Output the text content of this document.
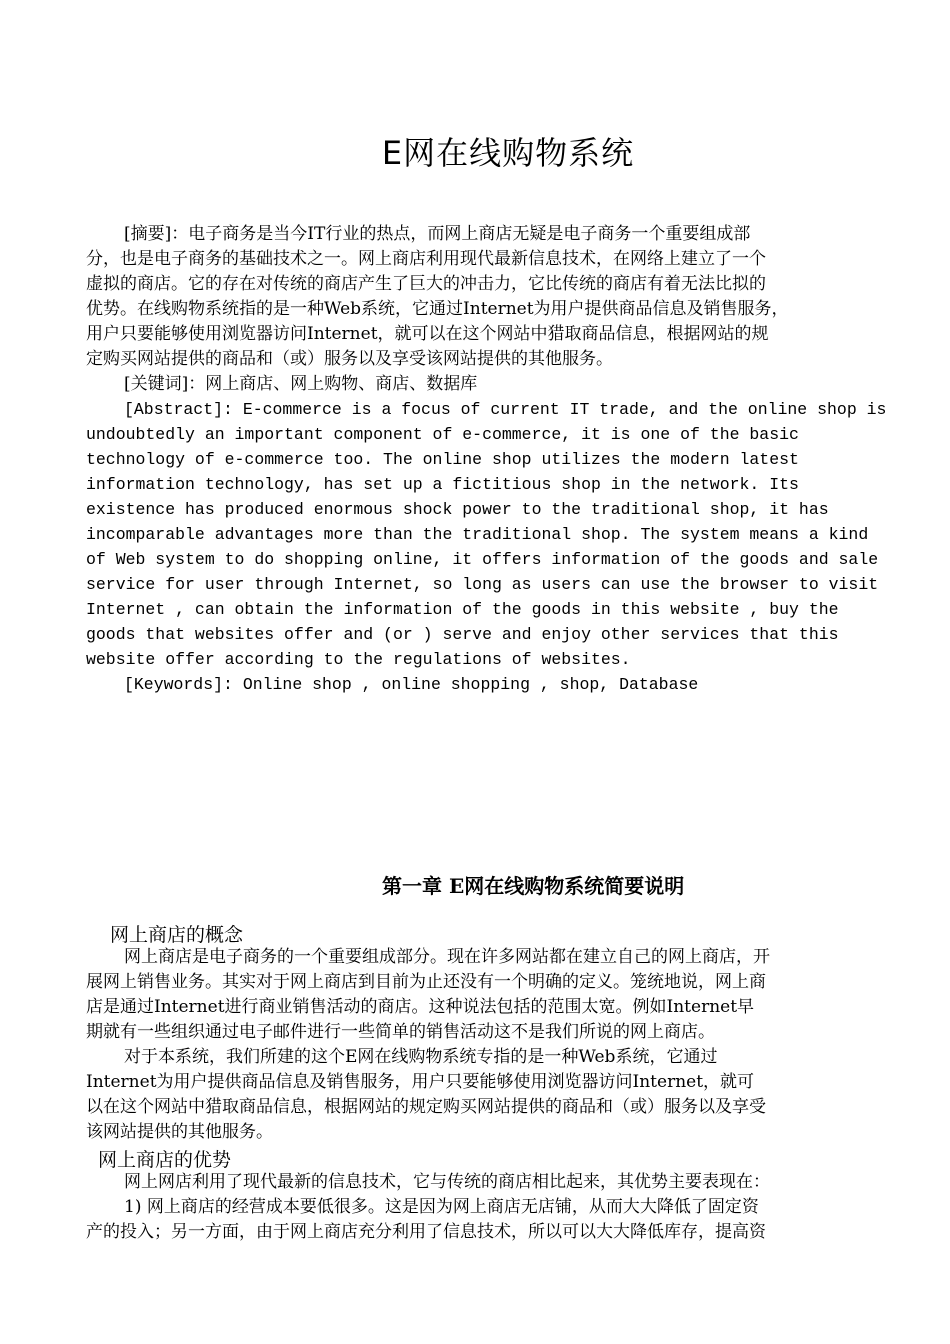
E网在线购物系统
[摘要]：电子商务是当今IT行业的热点，而网上商店无疑是电子商务一个重要组成部
分，也是电子商务的基础技术之一。网上商店利用现代最新信息技术，在网络上建立了一个
虚拟的商店。它的存在对传统的商店产生了巨大的冲击力，它比传统的商店有着无法比拟的
优势。在线购物系统指的是一种Web系统，它通过Internet为用户提供商品信息及销售服务，
用户只要能够使用浏览器访问Internet，就可以在这个网站中猎取商品信息，根据网站的规
定购买网站提供的商品和（或）服务以及享受该网站提供的其他服务。
[关键词]：网上商店、网上购物、商店、数据库
[Abstract]: E-commerce is a focus of current IT trade, and the online shop is
undoubtedly an important component of e-commerce, it is one of the basic
technology of e-commerce too. The online shop utilizes the modern latest
information technology, has set up a fictitious shop in the network. Its
existence has produced enormous shock power to the traditional shop, it has
incomparable advantages more than the traditional shop. The system means a kind
of Web system to do shopping online, it offers information of the goods and sale
service for user through Internet, so long as users can use the browser to visit
Internet , can obtain the information of the goods in this website , buy the
goods that websites offer and (or ) serve and enjoy other services that this
website offer according to the regulations of websites.
[Keywords]: Online shop , online shopping , shop, Database
第一章 E网在线购物系统简要说明
网上商店的概念
网上商店是电子商务的一个重要组成部分。现在许多网站都在建立自己的网上商店，开
展网上销售业务。其实对于网上商店到目前为止还没有一个明确的定义。笼统地说，网上商
店是通过Internet进行商业销售活动的商店。这种说法包括的范围太宽。例如Internet早
期就有一些组织通过电子邮件进行一些简单的销售活动这不是我们所说的网上商店。
对于本系统，我们所建的这个E网在线购物系统专指的是一种Web系统，它通过
Internet为用户提供商品信息及销售服务，用户只要能够使用浏览器访问Internet，就可
以在这个网站中猎取商品信息，根据网站的规定购买网站提供的商品和（或）服务以及享受
该网站提供的其他服务。
网上商店的优势
网上网店利用了现代最新的信息技术，它与传统的商店相比起来，其优势主要表现在：
1) 网上商店的经营成本要低很多。这是因为网上商店无店铺，从而大大降低了固定资
产的投入；另一方面，由于网上商店充分利用了信息技术，所以可以大大降低库存，提高资
